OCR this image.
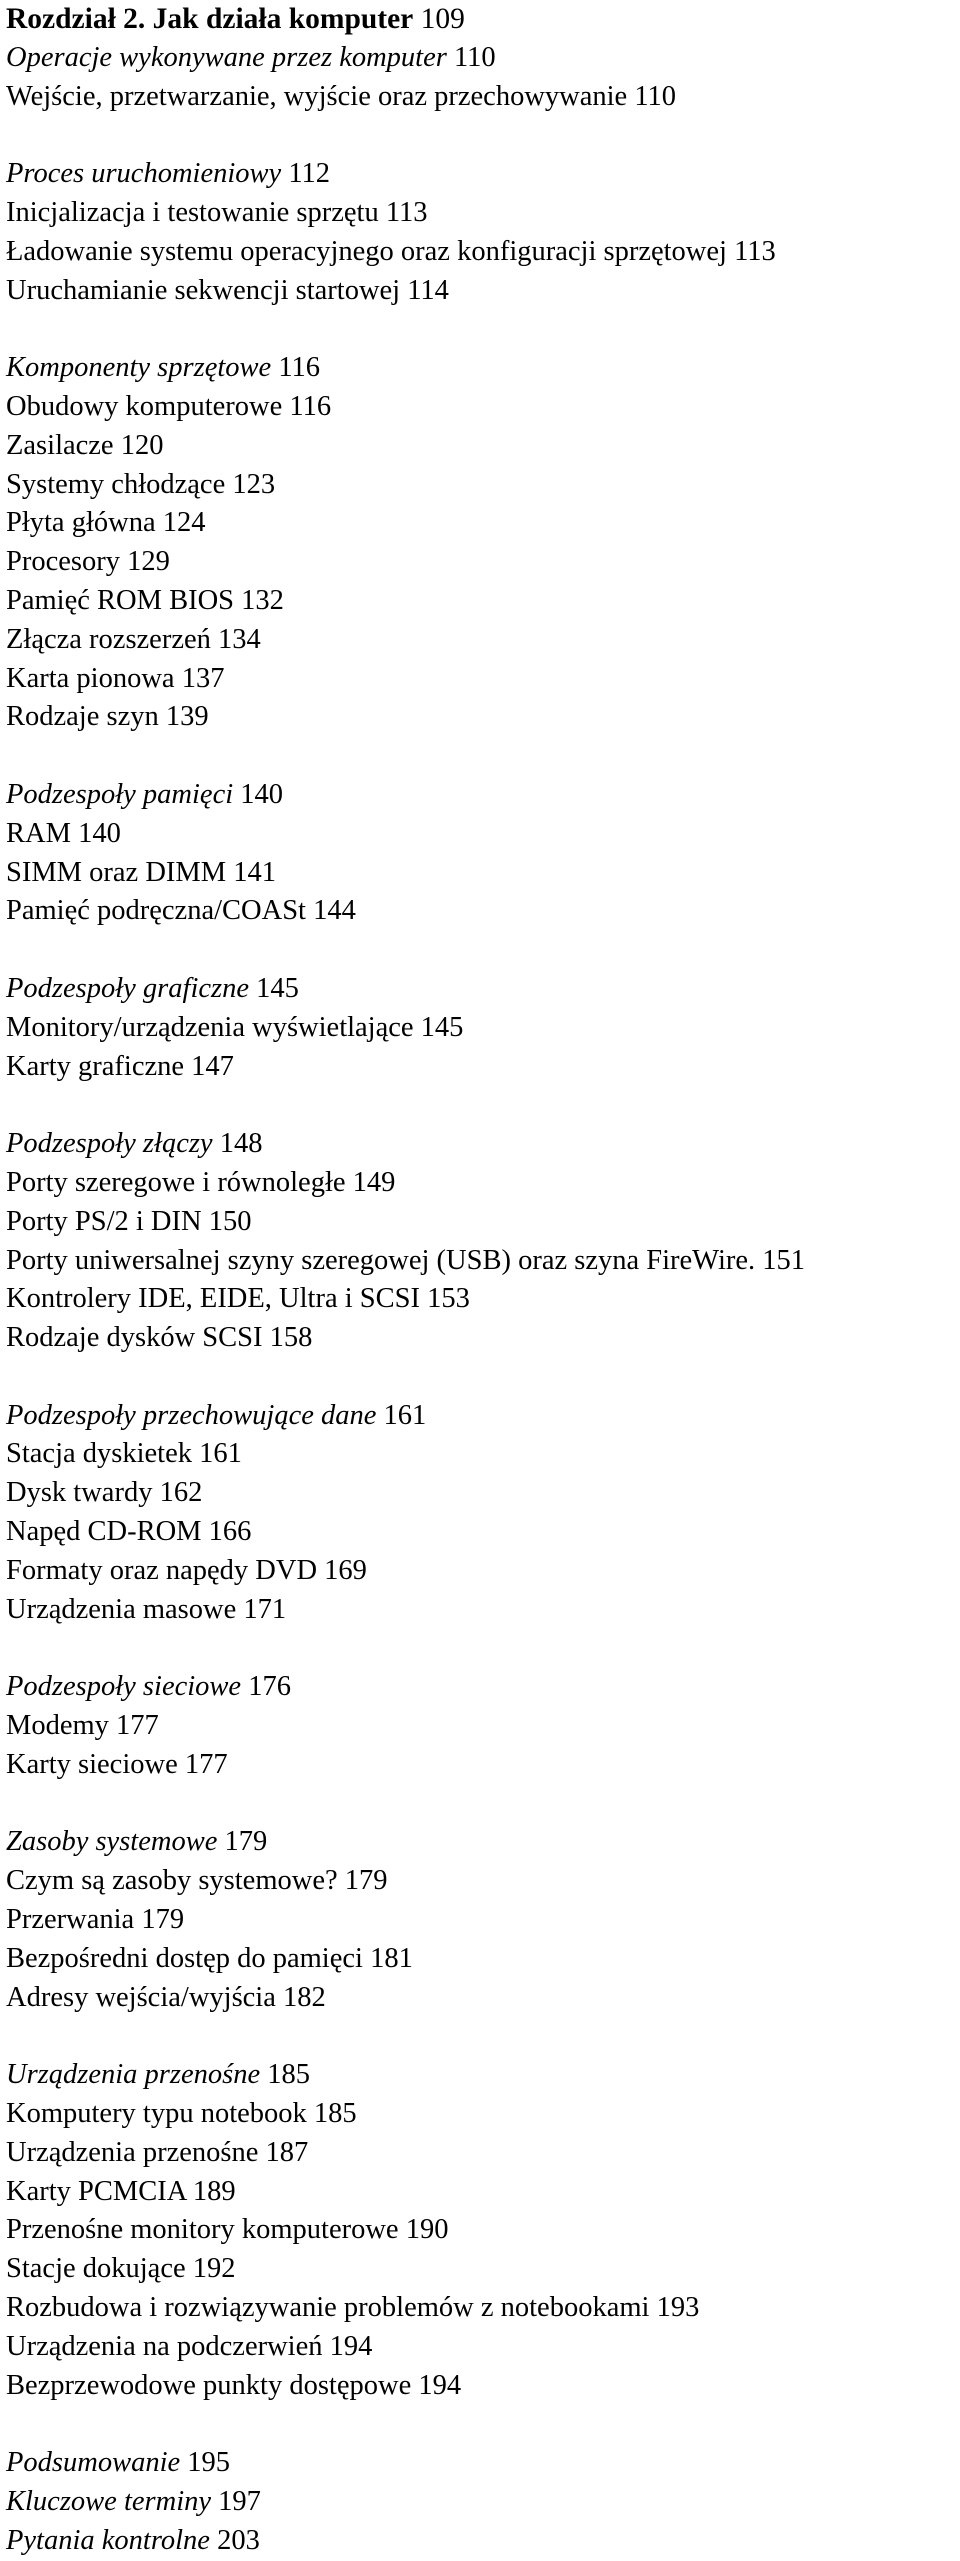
Rozdział 2. Jak działa komputer 109
Operacje wykonywane przez komputer 110
Wejście, przetwarzanie, wyjście oraz przechowywanie 110
Proces uruchomieniowy 112
Inicjalizacja i testowanie sprzętu 113
Ładowanie systemu operacyjnego oraz konfiguracji sprzętowej 113
Uruchamianie sekwencji startowej 114
Komponenty sprzętowe 116
Obudowy komputerowe 116
Zasilacze 120
Systemy chłodzące 123
Płyta główna 124
Procesory 129
Pamięć ROM BIOS 132
Złącza rozszerzeń 134
Karta pionowa 137
Rodzaje szyn 139
Podzespoły pamięci 140
RAM 140
SIMM oraz DIMM 141
Pamięć podręczna/COASt 144
Podzespoły graficzne 145
Monitory/urządzenia wyświetlające 145
Karty graficzne 147
Podzespoły złączy 148
Porty szeregowe i równoległe 149
Porty PS/2 i DIN 150
Porty uniwersalnej szyny szeregowej (USB) oraz szyna FireWire. 151
Kontrolery IDE, EIDE, Ultra i SCSI 153
Rodzaje dysków SCSI 158
Podzespoły przechowujące dane 161
Stacja dyskietek 161
Dysk twardy 162
Napęd CD-ROM 166
Formaty oraz napędy DVD 169
Urządzenia masowe 171
Podzespoły sieciowe 176
Modemy 177
Karty sieciowe 177
Zasoby systemowe 179
Czym są zasoby systemowe? 179
Przerwania 179
Bezpośredni dostęp do pamięci 181
Adresy wejścia/wyjścia 182
Urządzenia przenośne 185
Komputery typu notebook 185
Urządzenia przenośne 187
Karty PCMCIA 189
Przenośne monitory komputerowe 190
Stacje dokujące 192
Rozbudowa i rozwiązywanie problemów z notebookami 193
Urządzenia na podczerwień 194
Bezprzewodowe punkty dostępowe 194
Podsumowanie 195
Kluczowe terminy 197
Pytania kontrolne 203
